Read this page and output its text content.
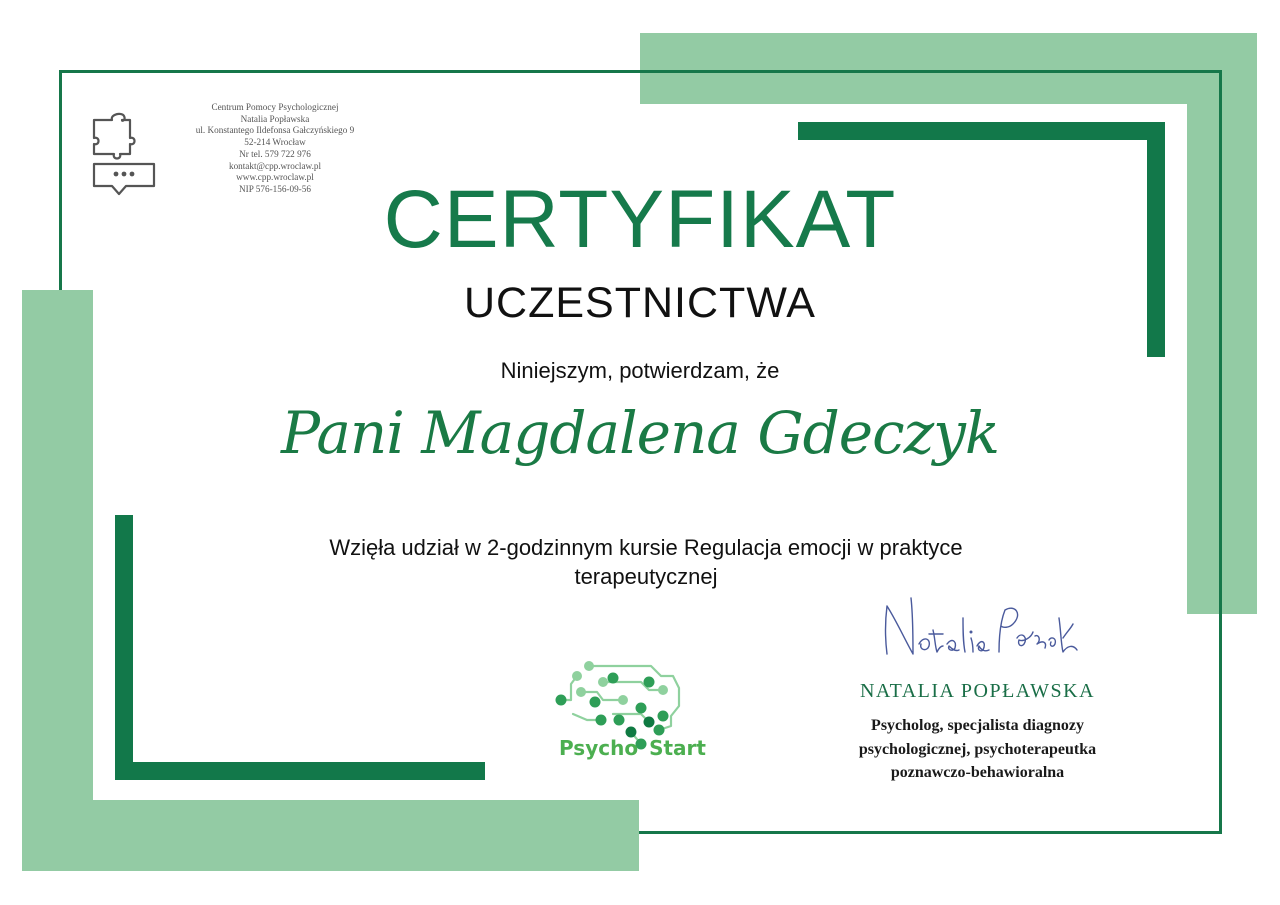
Centrum Pomocy Psychologicznej
Natalia Popławska
ul. Konstantego Ildefonsa Gałczyńskiego 9
52-214 Wrocław
Nr tel. 579 722 976
kontakt@cpp.wroclaw.pl
www.cpp.wroclaw.pl
NIP 576-156-09-56 CERTYFIKAT
UCZESTNICTWA
Niniejszym, potwierdzam, że
Pani Magdalena Gdeczyk
Wzięła udział w 2-godzinnym kursie Regulacja emocji w praktyce
terapeutycznej
Psycho Start
NATALIA POPŁAWSKA
Psycholog, specjalista diagnozy
psychologicznej, psychoterapeutka
poznawczo-behawioralna
